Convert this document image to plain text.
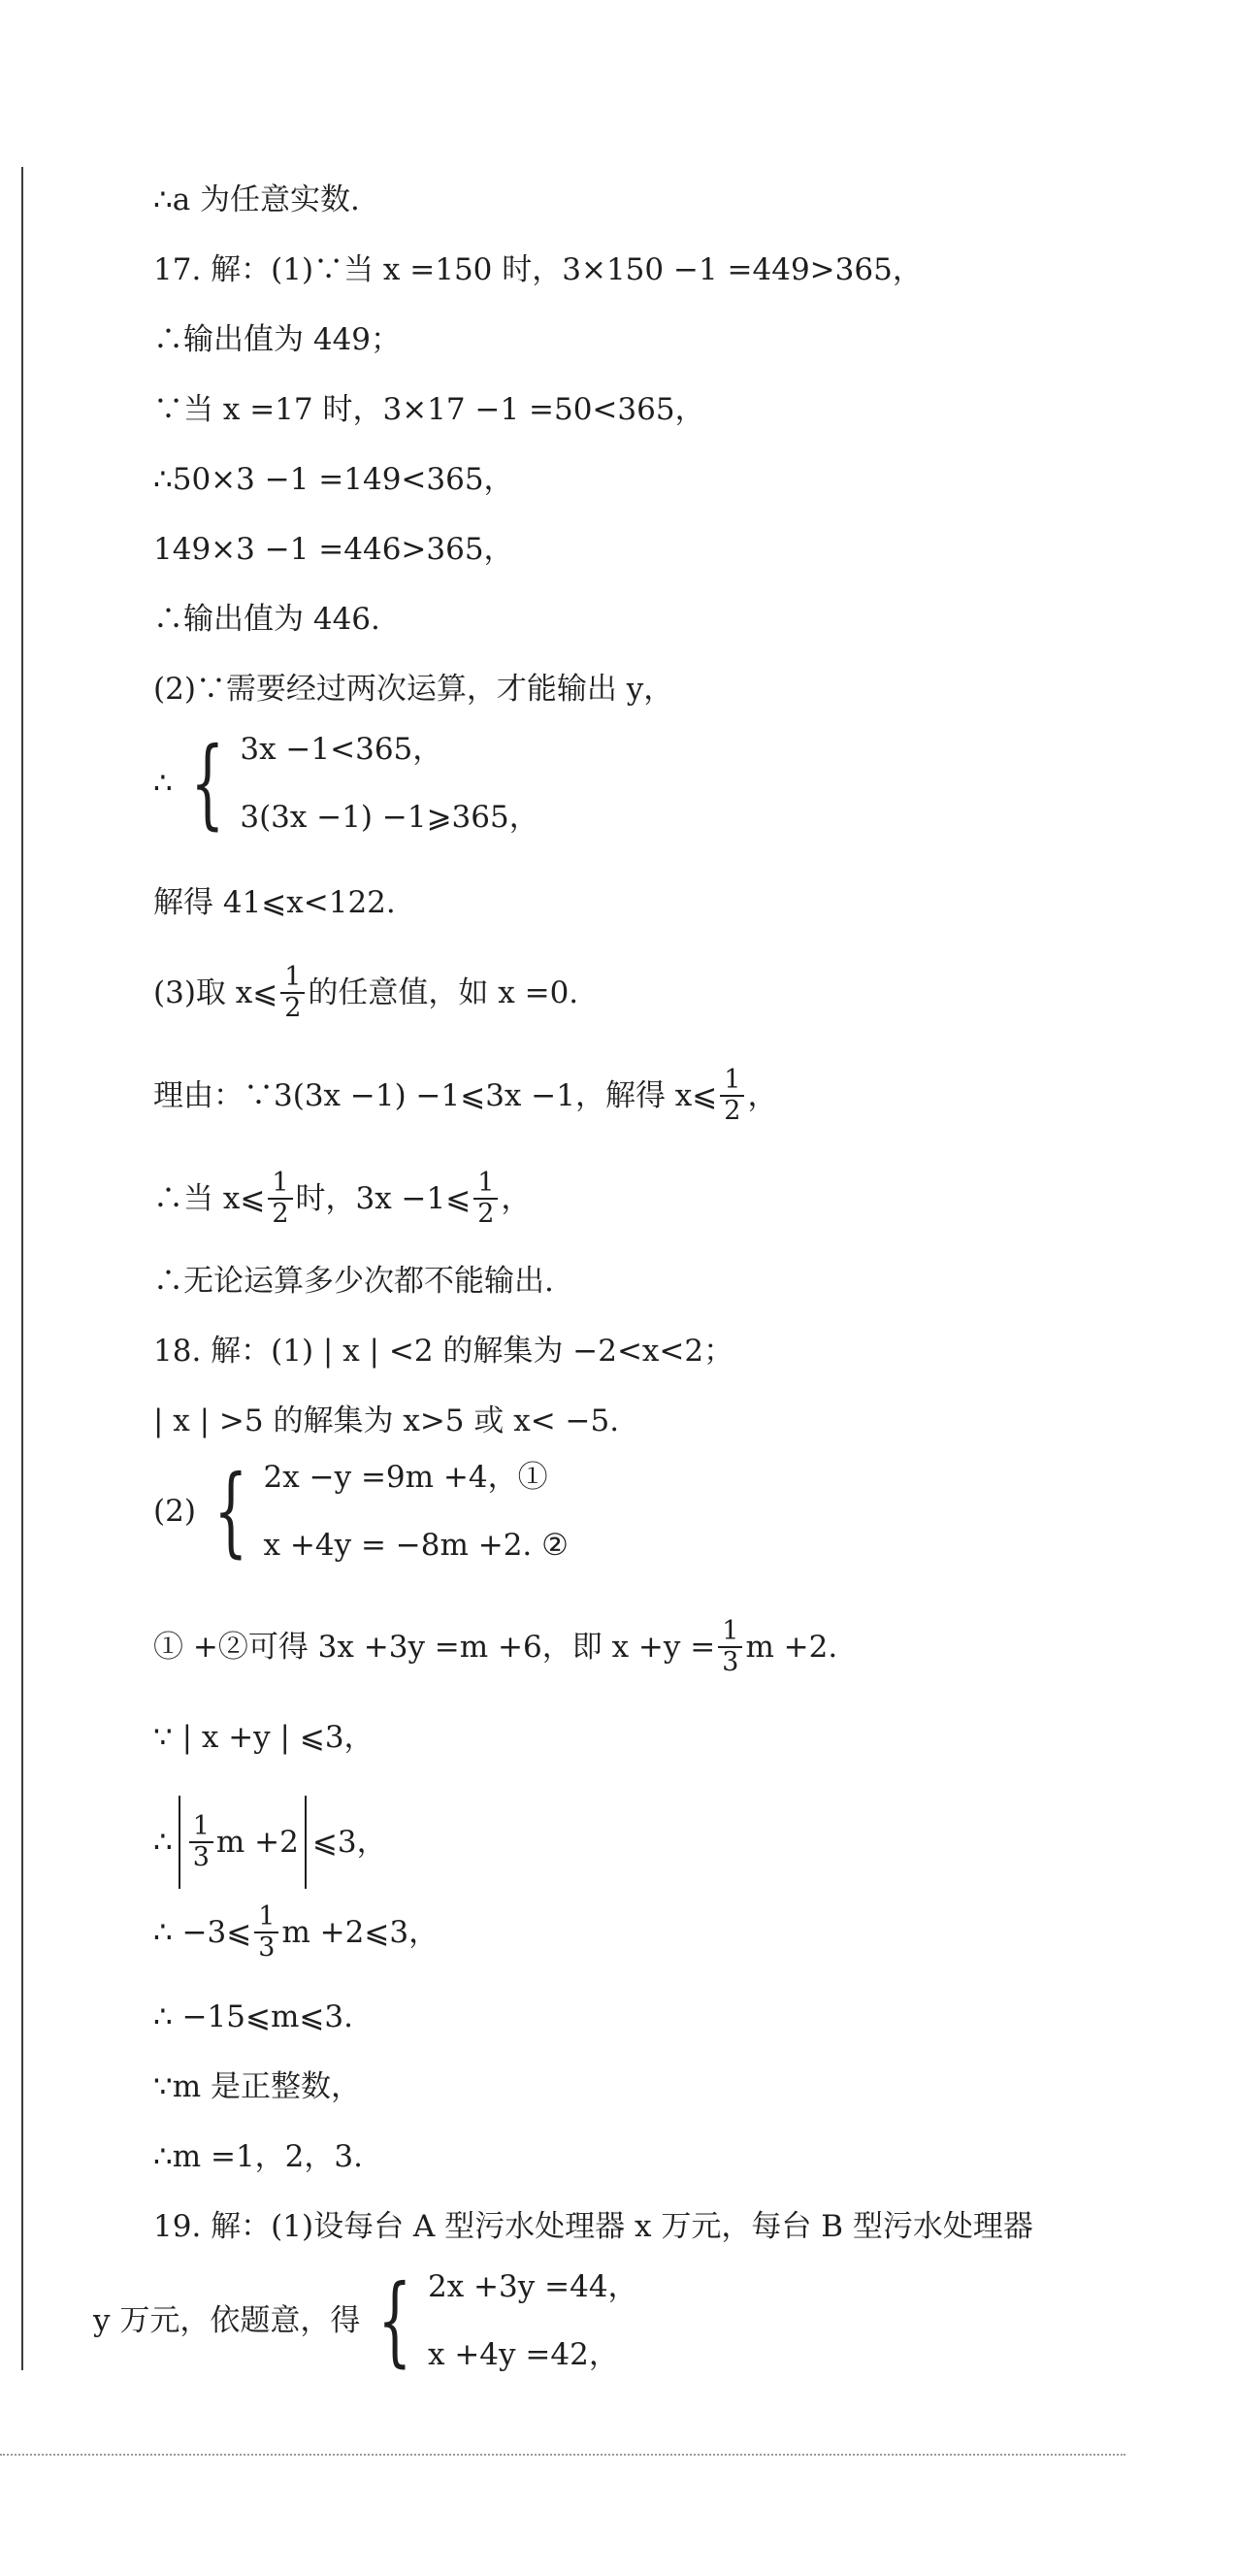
∴a 为任意实数.
17. 解：(1)∵当 x =150 时，3×150 −1 =449>365，
∴输出值为 449；
∵当 x =17 时，3×17 −1 =50<365，
∴50×3 −1 =149<365，
149×3 −1 =446>365，
∴输出值为 446.
(2)∵需要经过两次运算，才能输出 y，
∴ { 3x −1<365，
3(3x −1) −1⩾365，
解得 41⩽x<122.
(3)取 x⩽ $\frac{1}{2}$ 的任意值，如 x =0.
理由：∵3(3x −1) −1⩽3x −1，解得 x⩽ $\frac{1}{2}$ ，
∴当 x⩽ $\frac{1}{2}$ 时，3x −1⩽ $\frac{1}{2}$ ，
∴无论运算多少次都不能输出.
18. 解：(1) | x | <2 的解集为 −2<x<2；
| x | >5 的解集为 x>5 或 x< −5.
(2) { 2x −y =9m +4，①
x +4y = −8m +2. ②
① +②可得 3x +3y =m +6，即 $x +y = \frac{1}{3}$ m +2.
∵ | x +y | ⩽3，
∴ $\frac{1}{3}$ m +2 ⩽3，
∴ −3⩽ $\frac{1}{3}$ m +2⩽3，
∴ −15⩽m⩽3.
∵m 是正整数，
∴m =1，2，3.
19. 解：(1)设每台 A 型污水处理器 x 万元，每台 B 型污水处理器
y 万元，依题意，得 { 2x +3y =44，
x +4y =42，
